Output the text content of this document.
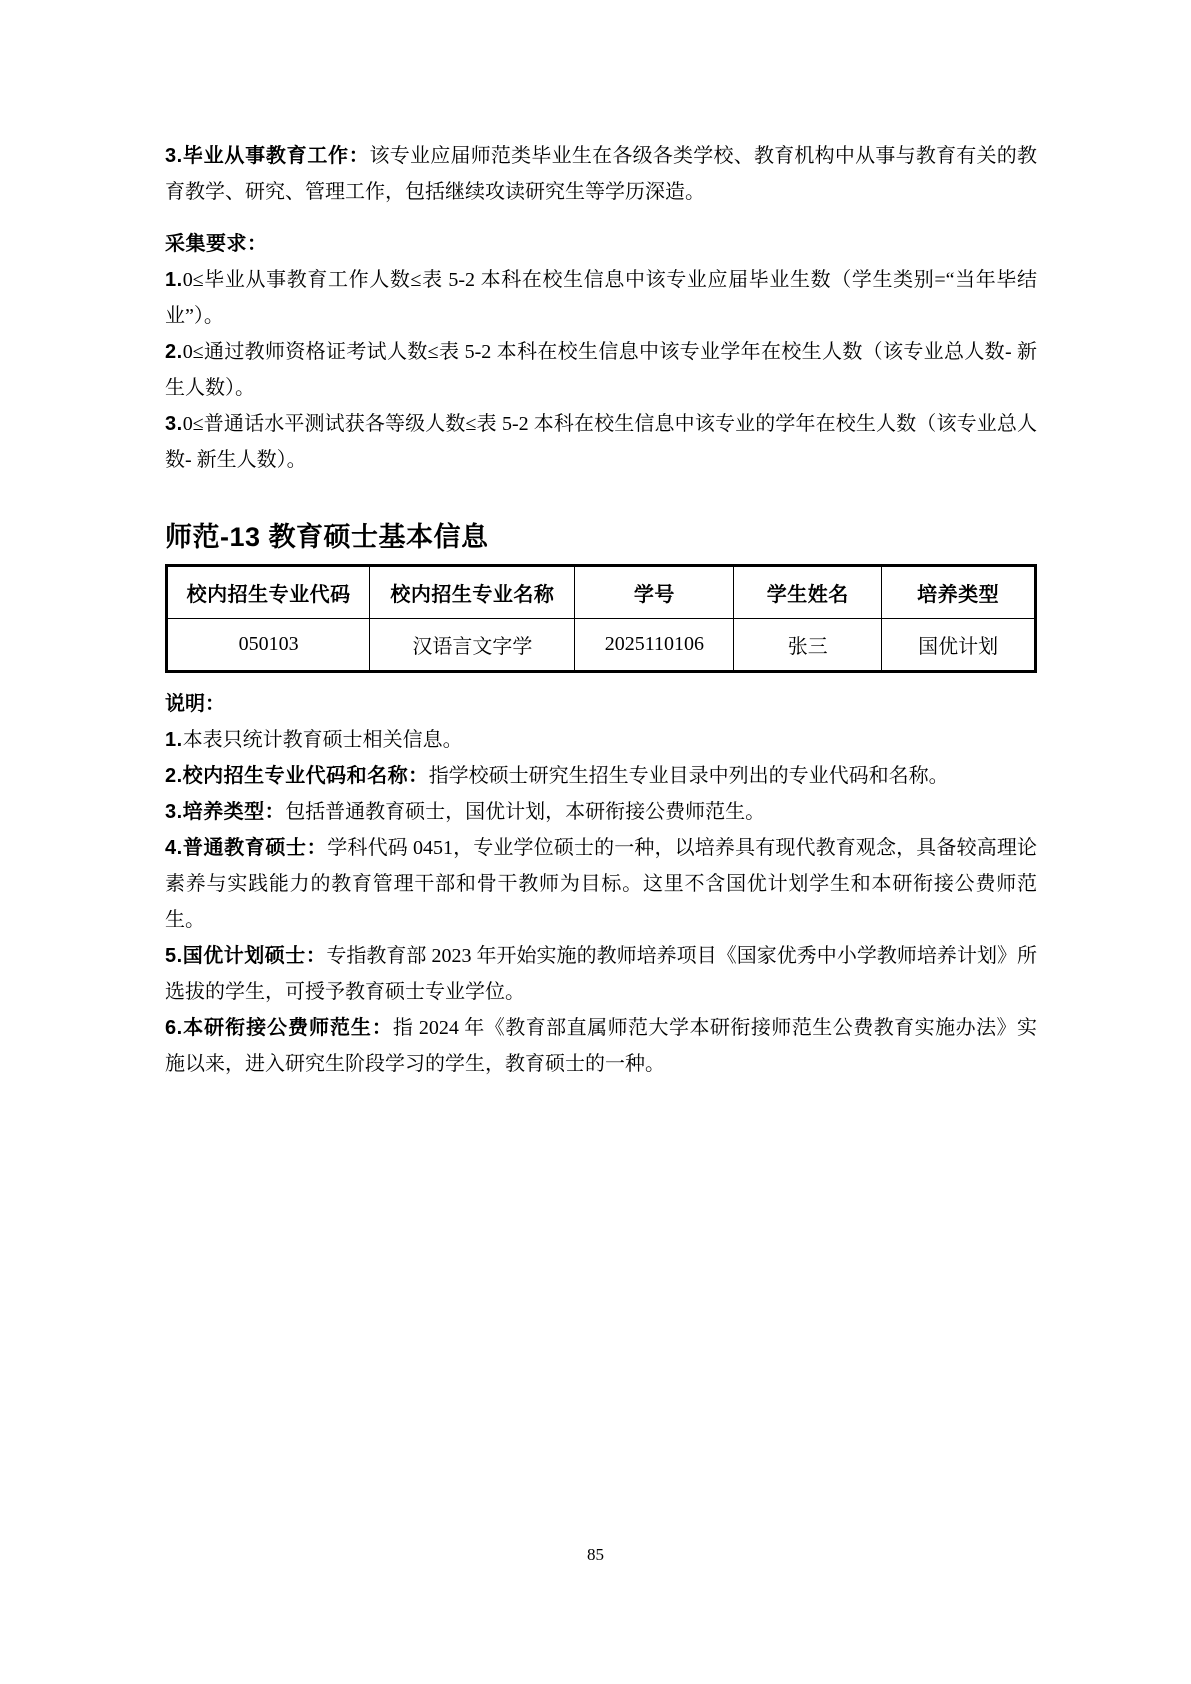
3.毕业从事教育工作：该专业应届师范类毕业生在各级各类学校、教育机构中从事与教育有关的教育教学、研究、管理工作，包括继续攻读研究生等学历深造。

采集要求：

1.0≤毕业从事教育工作人数≤表 5-2 本科在校生信息中该专业应届毕业生数（学生类别=“当年毕结业”）。

2.0≤通过教师资格证考试人数≤表 5-2 本科在校生信息中该专业学年在校生人数（该专业总人数- 新生人数）。

3.0≤普通话水平测试获各等级人数≤表 5-2 本科在校生信息中该专业的学年在校生人数（该专业总人数- 新生人数）。

师范-13 教育硕士基本信息
校内招生专业代码	校内招生专业名称	学号	学生姓名	培养类型
050103	汉语言文字学	2025110106	张三	国优计划

说明：

1.本表只统计教育硕士相关信息。

2.校内招生专业代码和名称：指学校硕士研究生招生专业目录中列出的专业代码和名称。

3.培养类型：包括普通教育硕士，国优计划，本研衔接公费师范生。

4.普通教育硕士：学科代码 0451，专业学位硕士的一种，以培养具有现代教育观念，具备较高理论素养与实践能力的教育管理干部和骨干教师为目标。这里不含国优计划学生和本研衔接公费师范生。

5.国优计划硕士：专指教育部 2023 年开始实施的教师培养项目《国家优秀中小学教师培养计划》所选拔的学生，可授予教育硕士专业学位。

6.本研衔接公费师范生：指 2024 年《教育部直属师范大学本研衔接师范生公费教育实施办法》实施以来，进入研究生阶段学习的学生，教育硕士的一种。

85
